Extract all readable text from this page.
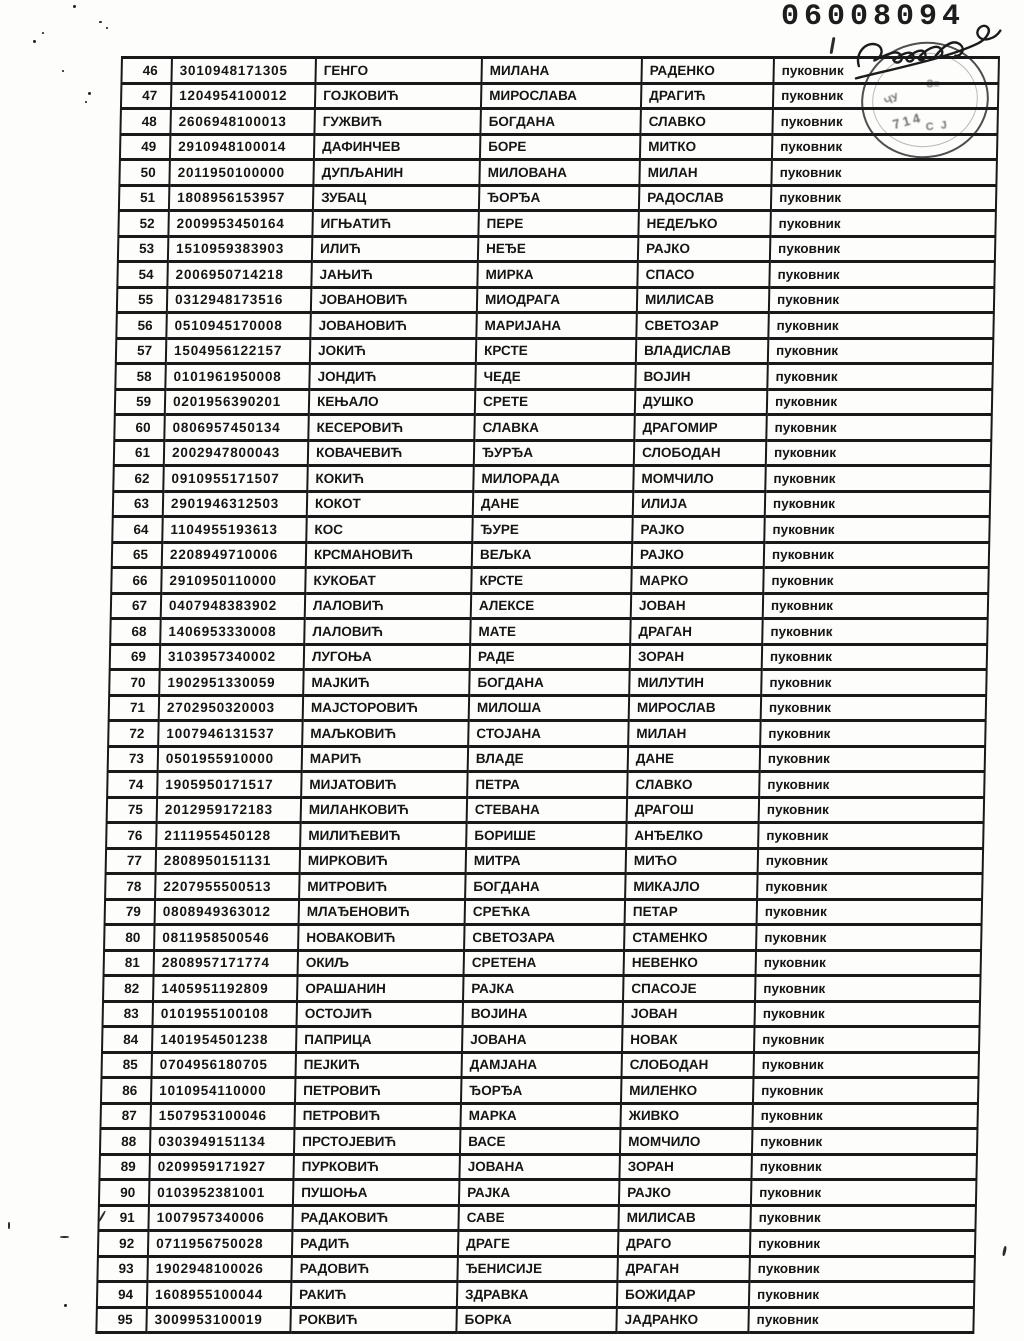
06008094
ЧУ
714
З≡
С Ј
46	3010948171305	ГЕНГО	МИЛАНА	РАДЕНКО	пуковник
47	1204954100012	ГОЈКОВИЋ	МИРОСЛАВА	ДРАГИЋ	пуковник
48	2606948100013	ГУЖВИЋ	БОГДАНА	СЛАВКО	пуковник
49	2910948100014	ДАФИНЧЕВ	БОРЕ	МИТКО	пуковник
50	2011950100000	ДУПЉАНИН	МИЛОВАНА	МИЛАН	пуковник
51	1808956153957	ЗУБАЦ	ЂОРЂА	РАДОСЛАВ	пуковник
52	2009953450164	ИГЊАТИЋ	ПЕРЕ	НЕДЕЉКО	пуковник
53	1510959383903	ИЛИЋ	НЕЂЕ	РАЈКО	пуковник
54	2006950714218	ЈАЊИЋ	МИРКА	СПАСО	пуковник
55	0312948173516	ЈОВАНОВИЋ	МИОДРАГА	МИЛИСАВ	пуковник
56	0510945170008	ЈОВАНОВИЋ	МАРИЈАНА	СВЕТОЗАР	пуковник
57	1504956122157	ЈОКИЋ	КРСТЕ	ВЛАДИСЛАВ	пуковник
58	0101961950008	ЈОНДИЋ	ЧЕДЕ	ВОЈИН	пуковник
59	0201956390201	КЕЊАЛО	СРЕТЕ	ДУШКО	пуковник
60	0806957450134	КЕСЕРОВИЋ	СЛАВКА	ДРАГОМИР	пуковник
61	2002947800043	КОВАЧЕВИЋ	ЂУРЂА	СЛОБОДАН	пуковник
62	0910955171507	КОКИЋ	МИЛОРАДА	МОМЧИЛО	пуковник
63	2901946312503	КОКОТ	ДАНЕ	ИЛИЈА	пуковник
64	1104955193613	КОС	ЂУРЕ	РАЈКО	пуковник
65	2208949710006	КРСМАНОВИЋ	ВЕЉКА	РАЈКО	пуковник
66	2910950110000	КУКОБАТ	КРСТЕ	МАРКО	пуковник
67	0407948383902	ЛАЛОВИЋ	АЛЕКСЕ	ЈОВАН	пуковник
68	1406953330008	ЛАЛОВИЋ	МАТЕ	ДРАГАН	пуковник
69	3103957340002	ЛУГОЊА	РАДЕ	ЗОРАН	пуковник
70	1902951330059	МАЈКИЋ	БОГДАНА	МИЛУТИН	пуковник
71	2702950320003	МАЈСТОРОВИЋ	МИЛОША	МИРОСЛАВ	пуковник
72	1007946131537	МАЉКОВИЋ	СТОЈАНА	МИЛАН	пуковник
73	0501955910000	МАРИЋ	ВЛАДЕ	ДАНЕ	пуковник
74	1905950171517	МИЈАТОВИЋ	ПЕТРА	СЛАВКО	пуковник
75	2012959172183	МИЛАНКОВИЋ	СТЕВАНА	ДРАГОШ	пуковник
76	2111955450128	МИЛИЋЕВИЋ	БОРИШЕ	АНЂЕЛКО	пуковник
77	2808950151131	МИРКОВИЋ	МИТРА	МИЋО	пуковник
78	2207955500513	МИТРОВИЋ	БОГДАНА	МИКАЈЛО	пуковник
79	0808949363012	МЛАЂЕНОВИЋ	СРЕЋКА	ПЕТАР	пуковник
80	0811958500546	НОВАКОВИЋ	СВЕТОЗАРА	СТАМЕНКО	пуковник
81	2808957171774	ОКИЉ	СРЕТЕНА	НЕВЕНКО	пуковник
82	1405951192809	ОРАШАНИН	РАЈКА	СПАСОЈЕ	пуковник
83	0101955100108	ОСТОЈИЋ	ВОЈИНА	ЈОВАН	пуковник
84	1401954501238	ПАПРИЦА	ЈОВАНА	НОВАК	пуковник
85	0704956180705	ПЕЈКИЋ	ДАМЈАНА	СЛОБОДАН	пуковник
86	1010954110000	ПЕТРОВИЋ	ЂОРЂА	МИЛЕНКО	пуковник
87	1507953100046	ПЕТРОВИЋ	МАРКА	ЖИВКО	пуковник
88	0303949151134	ПРСТОЈЕВИЋ	ВАСЕ	МОМЧИЛО	пуковник
89	0209959171927	ПУРКОВИЋ	ЈОВАНА	ЗОРАН	пуковник
90	0103952381001	ПУШОЊА	РАЈКА	РАЈКО	пуковник
91	1007957340006	РАДАКОВИЋ	САВЕ	МИЛИСАВ	пуковник
92	0711956750028	РАДИЋ	ДРАГЕ	ДРАГО	пуковник
93	1902948100026	РАДОВИЋ	ЂЕНИСИЈЕ	ДРАГАН	пуковник
94	1608955100044	РАКИЋ	ЗДРАВКА	БОЖИДАР	пуковник
95	3009953100019	РОКВИЋ	БОРКА	ЈАДРАНКО	пуковник
